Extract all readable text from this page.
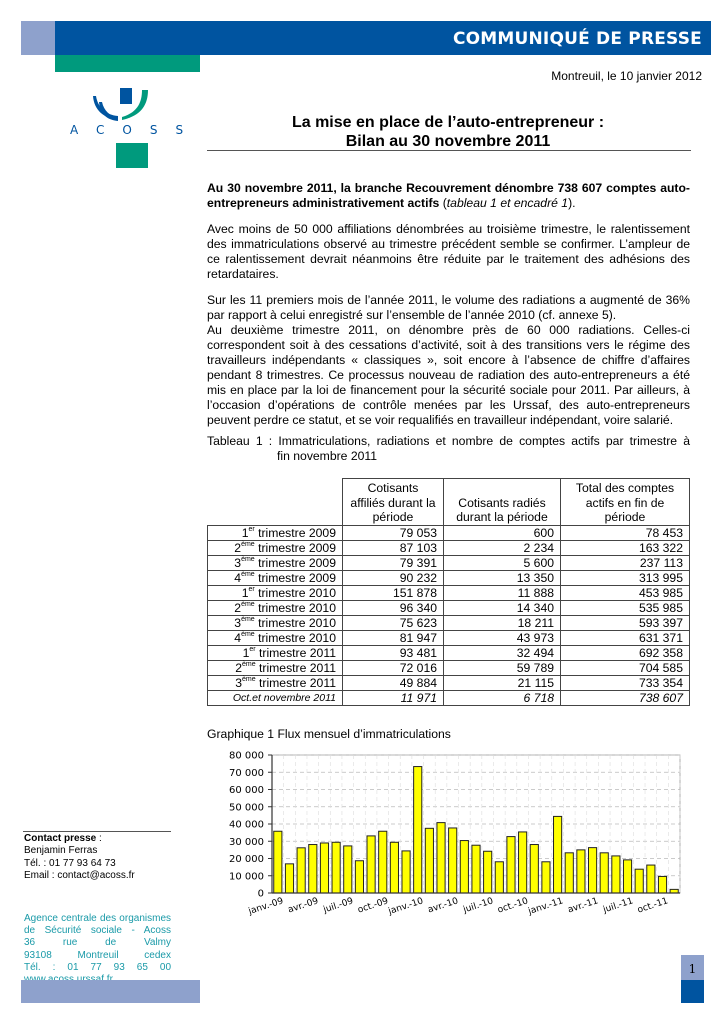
COMMUNIQUÉ DE PRESSE
Montreuil, le 10 janvier 2012
ACOSS	La mise en place de l’auto-entrepreneur :
Bilan au 30 novembre 2011

Au 30 novembre 2011, la branche Recouvrement dénombre 738 607 comptes auto-entrepreneurs administrativement actifs (tableau 1 et encadré 1).

Avec moins de 50 000 affiliations dénombrées au troisième trimestre, le ralentissement des immatriculations observé au trimestre précédent semble se confirmer. L’ampleur de ce ralentissement devrait néanmoins être réduite par le traitement des adhésions des retardataires.

Sur les 11 premiers mois de l’année 2011, le volume des radiations a augmenté de 36% par rapport à celui enregistré sur l’ensemble de l’année 2010 (cf. annexe 5).

Au deuxième trimestre 2011, on dénombre près de 60 000 radiations. Celles-ci correspondent soit à des cessations d’activité, soit à des transitions vers le régime des travailleurs indépendants « classiques », soit encore à l’absence de chiffre d’affaires pendant 8 trimestres. Ce processus nouveau de radiation des auto-entrepreneurs a été mis en place par la loi de financement pour la sécurité sociale pour 2011. Par ailleurs, à l’occasion d’opérations de contrôle menées par les Urssaf, des auto-entrepreneurs peuvent perdre ce statut, et se voir requalifiés en travailleur indépendant, voire salarié.

Tableau 1 : Immatriculations, radiations et nombre de comptes actifs par trimestre à
fin novembre 2011
	Cotisants affiliés durant la période	Cotisants radiés durant la période	Total des comptes actifs en fin de période
1er trimestre 2009	79 053	600	78 453
2ème trimestre 2009	87 103	2 234	163 322
3ème trimestre 2009	79 391	5 600	237 113
4ème trimestre 2009	90 232	13 350	313 995
1er trimestre 2010	151 878	11 888	453 985
2ème trimestre 2010	96 340	14 340	535 985
3ème trimestre 2010	75 623	18 211	593 397
4ème trimestre 2010	81 947	43 973	631 371
1er trimestre 2011	93 481	32 494	692 358
2ème trimestre 2011	72 016	59 789	704 585
3ème trimestre 2011	49 884	21 115	733 354
Oct.et novembre 2011	11 971	6 718	738 607
Graphique 1 Flux mensuel d’immatriculations
0
10 000
20 000
30 000
40 000
50 000
60 000
70 000
80 000
janv.-09 avr.-09 juil.-09 oct.-09
janv.-10 avr.-10 juil.-10 oct.-10
janv.-11 avr.-11 juil.-11 oct.-11
Contact presse :
Benjamin Ferras
Tél. : 01 77 93 64 73
Email : contact@acoss.fr
Agence centrale des organismes de Sécurité sociale - Acoss
36 rue de Valmy
93108 Montreuil cedex
Tél. : 01 77 93 65 00	1
